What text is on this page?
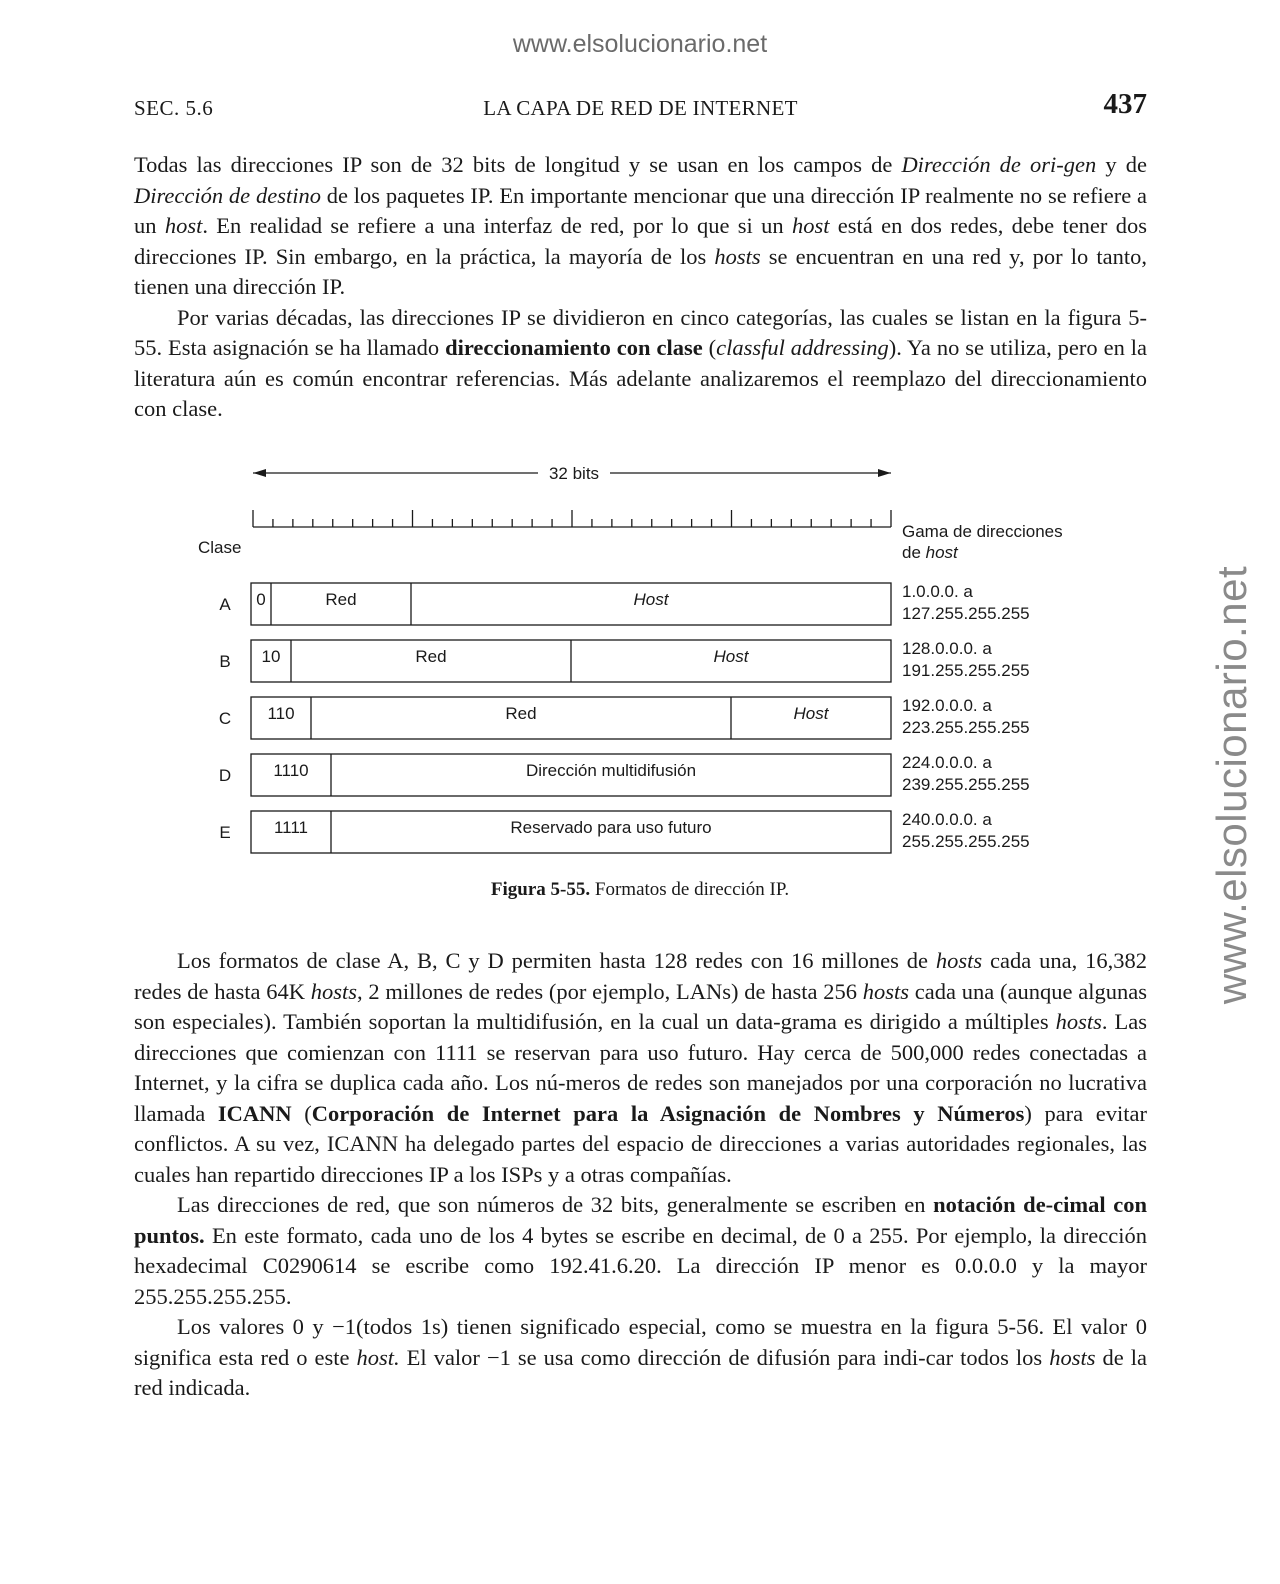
www.elsolucionario.net
www.elsolucionario.net
SEC. 5.6	LA CAPA DE RED DE INTERNET	437

Todas las direcciones IP son de 32 bits de longitud y se usan en los campos de Dirección de ori-gen y de Dirección de destino de los paquetes IP. En importante mencionar que una dirección IP realmente no se refiere a un host. En realidad se refiere a una interfaz de red, por lo que si un host está en dos redes, debe tener dos direcciones IP. Sin embargo, en la práctica, la mayoría de los hosts se encuentran en una red y, por lo tanto, tienen una dirección IP.

Por varias décadas, las direcciones IP se dividieron en cinco categorías, las cuales se listan en la figura 5-55. Esta asignación se ha llamado direccionamiento con clase (classful addressing). Ya no se utiliza, pero en la literatura aún es común encontrar referencias. Más adelante analizaremos el reemplazo del direccionamiento con clase.

32 bits
Clase
Gama de direcciones
de host
A 0	Red	Host	1.0.0.0. a
127.255.255.255
B 10	Red	Host	128.0.0.0. a
191.255.255.255
C 110	Red	Host	192.0.0.0. a
223.255.255.255
D 1110	Dirección multidifusión	224.0.0.0. a
239.255.255.255
E	1111	Reservado para uso futuro	240.0.0.0. a
255.255.255.255
Figura 5-55. Formatos de dirección IP.

Los formatos de clase A, B, C y D permiten hasta 128 redes con 16 millones de hosts cada una, 16,382 redes de hasta 64K hosts, 2 millones de redes (por ejemplo, LANs) de hasta 256 hosts cada una (aunque algunas son especiales). También soportan la multidifusión, en la cual un data-grama es dirigido a múltiples hosts. Las direcciones que comienzan con 1111 se reservan para uso futuro. Hay cerca de 500,000 redes conectadas a Internet, y la cifra se duplica cada año. Los nú-meros de redes son manejados por una corporación no lucrativa llamada ICANN (Corporación de Internet para la Asignación de Nombres y Números) para evitar conflictos. A su vez, ICANN ha delegado partes del espacio de direcciones a varias autoridades regionales, las cuales han repartido direcciones IP a los ISPs y a otras compañías.

Las direcciones de red, que son números de 32 bits, generalmente se escriben en notación de-cimal con puntos. En este formato, cada uno de los 4 bytes se escribe en decimal, de 0 a 255. Por ejemplo, la dirección hexadecimal C0290614 se escribe como 192.41.6.20. La dirección IP menor es 0.0.0.0 y la mayor 255.255.255.255.

Los valores 0 y −1(todos 1s) tienen significado especial, como se muestra en la figura 5-56. El valor 0 significa esta red o este host. El valor −1 se usa como dirección de difusión para indi-car todos los hosts de la red indicada.
